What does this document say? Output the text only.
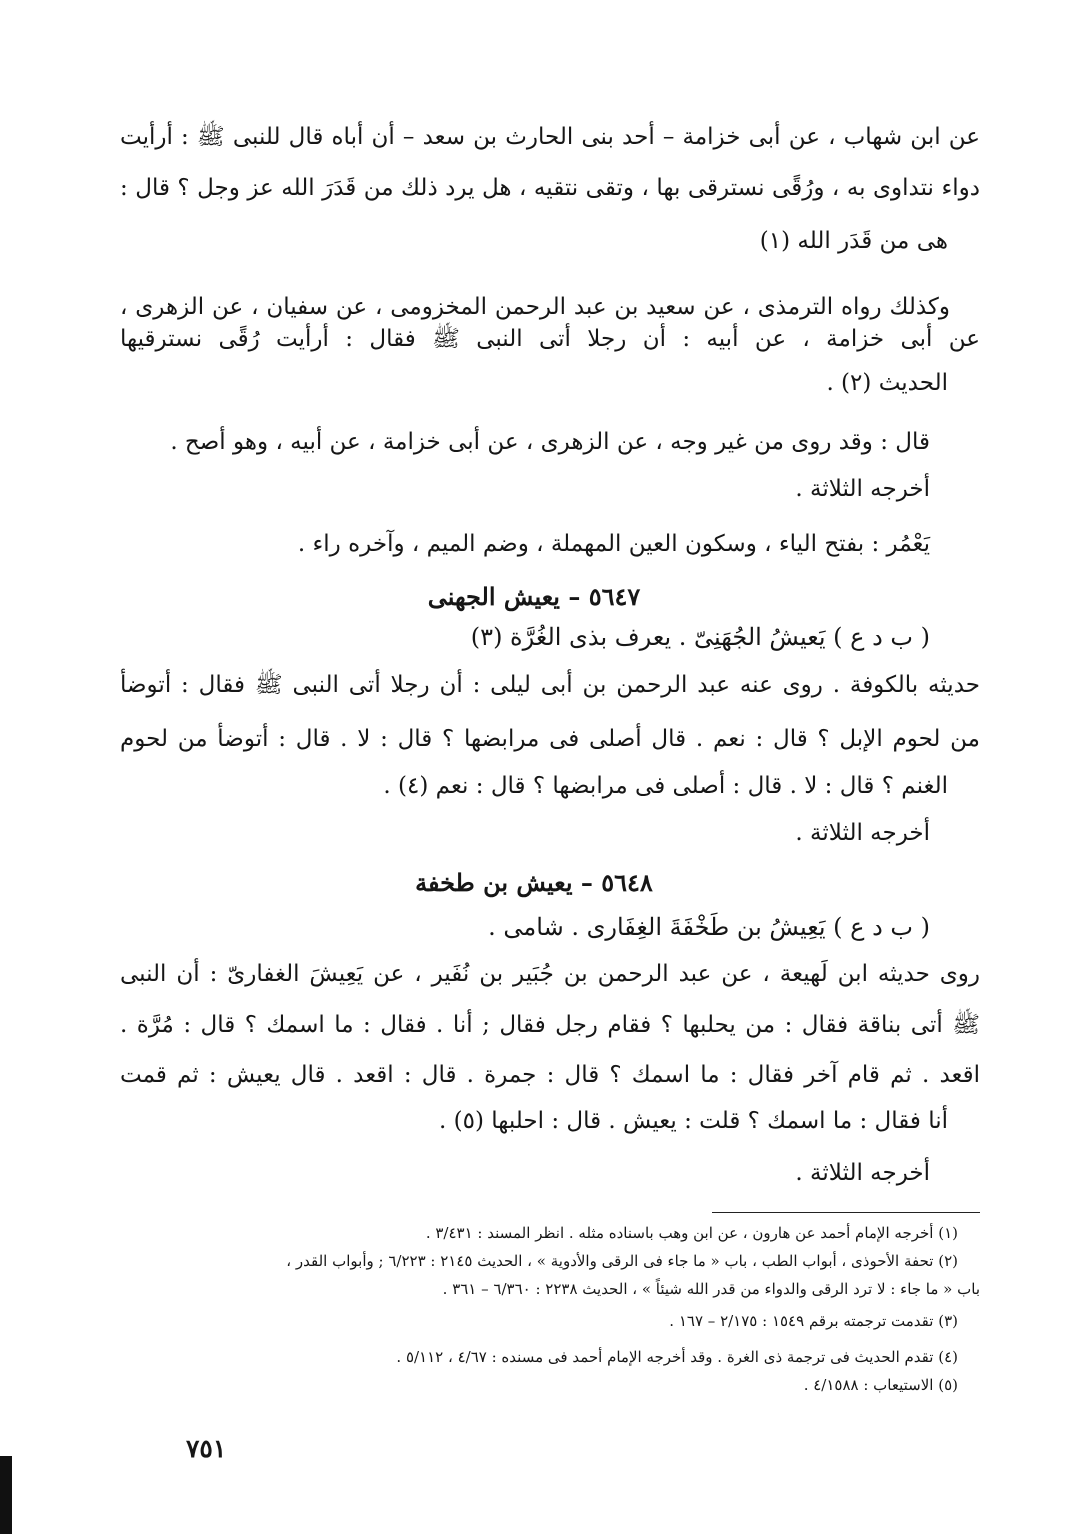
عن ابن شهاب ، عن أبى خزامة – أحد بنى الحارث بن سعد – أن أباه قال للنبى ﷺ : أرأيت
دواء نتداوى به ، ورُقًى نسترقى بها ، وتقى نتقيه ، هل يرد ذلك من قَدَرَ الله عز وجل ؟ قال :
هى من قَدَر الله (١)
وكذلك رواه الترمذى ، عن سعيد بن عبد الرحمن المخزومى ، عن سفيان ، عن الزهرى ،
عن أبى خزامة ، عن أبيه : أن رجلا أتى النبى ﷺ فقال : أرأيت رُقًى نسترقيها
الحديث (٢) .
قال : وقد روى من غير وجه ، عن الزهرى ، عن أبى خزامة ، عن أبيه ، وهو أصح .
أخرجه الثلاثة .
يَعْمُر : بفتح الياء ، وسكون العين المهملة ، وضم الميم ، وآخره راء .
٥٦٤٧ – يعيش الجهنى
( ب د ع ) يَعيشُ الجُهَنِىّ . يعرف بذى الغُرَّة (٣)
حديثه بالكوفة . روى عنه عبد الرحمن بن أبى ليلى : أن رجلا أتى النبى ﷺ فقال : أتوضأ
من لحوم الإبل ؟ قال : نعم . قال أصلى فى مرابضها ؟ قال : لا . قال : أتوضأ من لحوم
الغنم ؟ قال : لا . قال : أصلى فى مرابضها ؟ قال : نعم (٤) .
أخرجه الثلاثة .
٥٦٤٨ – يعيش بن طخفة
( ب د ع ) يَعِيشُ بن طَخْفَةَ الغِفَارى . شامى .
روى حديثه ابن لَهيعة ، عن عبد الرحمن بن جُبَير بن نُفَير ، عن يَعِيشَ الغفارىّ : أن النبى
ﷺ أتى بناقة فقال : من يحلبها ؟ فقام رجل فقال ; أنا . فقال : ما اسمك ؟ قال : مُرَّة .
اقعد . ثم قام آخر فقال : ما اسمك ؟ قال : جمرة . قال : اقعد . قال يعيش : ثم قمت
أنا فقال : ما اسمك ؟ قلت : يعيش . قال : احلبها (٥) .
أخرجه الثلاثة .
(١) أخرجه الإمام أحمد عن هارون ، عن ابن وهب باسناده مثله . انظر المسند : ٣/٤٣١ .
(٢) تحفة الأحوذى ، أبواب الطب ، باب « ما جاء فى الرقى والأدوية » ، الحديث ٢١٤٥ : ٦/٢٢٣ ; وأبواب القدر ،
باب « ما جاء : لا ترد الرقى والدواء من قدر الله شيئاً » ، الحديث ٢٢٣٨ : ٦/٣٦٠ – ٣٦١ .
(٣) تقدمت ترجمته برقم ١٥٤٩ : ٢/١٧٥ – ١٦٧ .
(٤) تقدم الحديث فى ترجمة ذى الغرة . وقد أخرجه الإمام أحمد فى مسنده : ٤/٦٧ ، ٥/١١٢ .
(٥) الاستيعاب : ٤/١٥٨٨ .
٧٥١
